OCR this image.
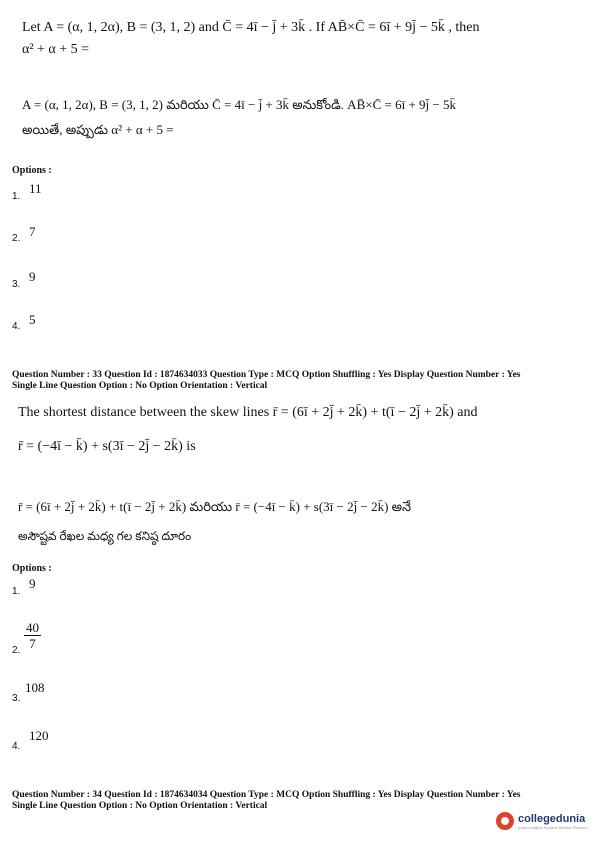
Let A = (α, 1, 2α), B = (3, 1, 2) and C̄ = 4ī − j̄ + 3k̄ . If AB̄×C̄ = 6ī + 9j̄ − 5k̄ , then
α² + α + 5 =
A = (α, 1, 2α), B = (3, 1, 2) మరియు C̄ = 4ī − j̄ + 3k̄ అనుకోండి. AB̄×C̄ = 6ī + 9j̄ − 5k̄
అయితే, అప్పుడు α² + α + 5 =
Options :
1.
11
2. 7
3.
9
4. 5
Question Number : 33 Question Id : 1874634033 Question Type : MCQ Option Shuffling : Yes Display Question Number : Yes
Single Line Question Option : No Option Orientation : Vertical
The shortest distance between the skew lines r̄ = (6ī + 2j̄ + 2k̄) + t(ī − 2j̄ + 2k̄) and
r̄ = (−4ī − k̄) + s(3ī − 2j̄ − 2k̄) is
r̄ = (6ī + 2j̄ + 2k̄) + t(ī − 2j̄ + 2k̄) మరియు r̄ = (−4ī − k̄) + s(3ī − 2j̄ − 2k̄) అనే
అసౌష్టవ రేఖల మధ్య గల కనిష్ఠ దూరం
Options :
1.
9
2. $\frac{40}{7}$
3.
108
4.
120
Question Number : 34 Question Id : 1874634034 Question Type : MCQ Option Shuffling : Yes Display Question Number : Yes
Single Line Question Option : No Option Orientation : Vertical
collegedunia
India's largest Student Review Platform
